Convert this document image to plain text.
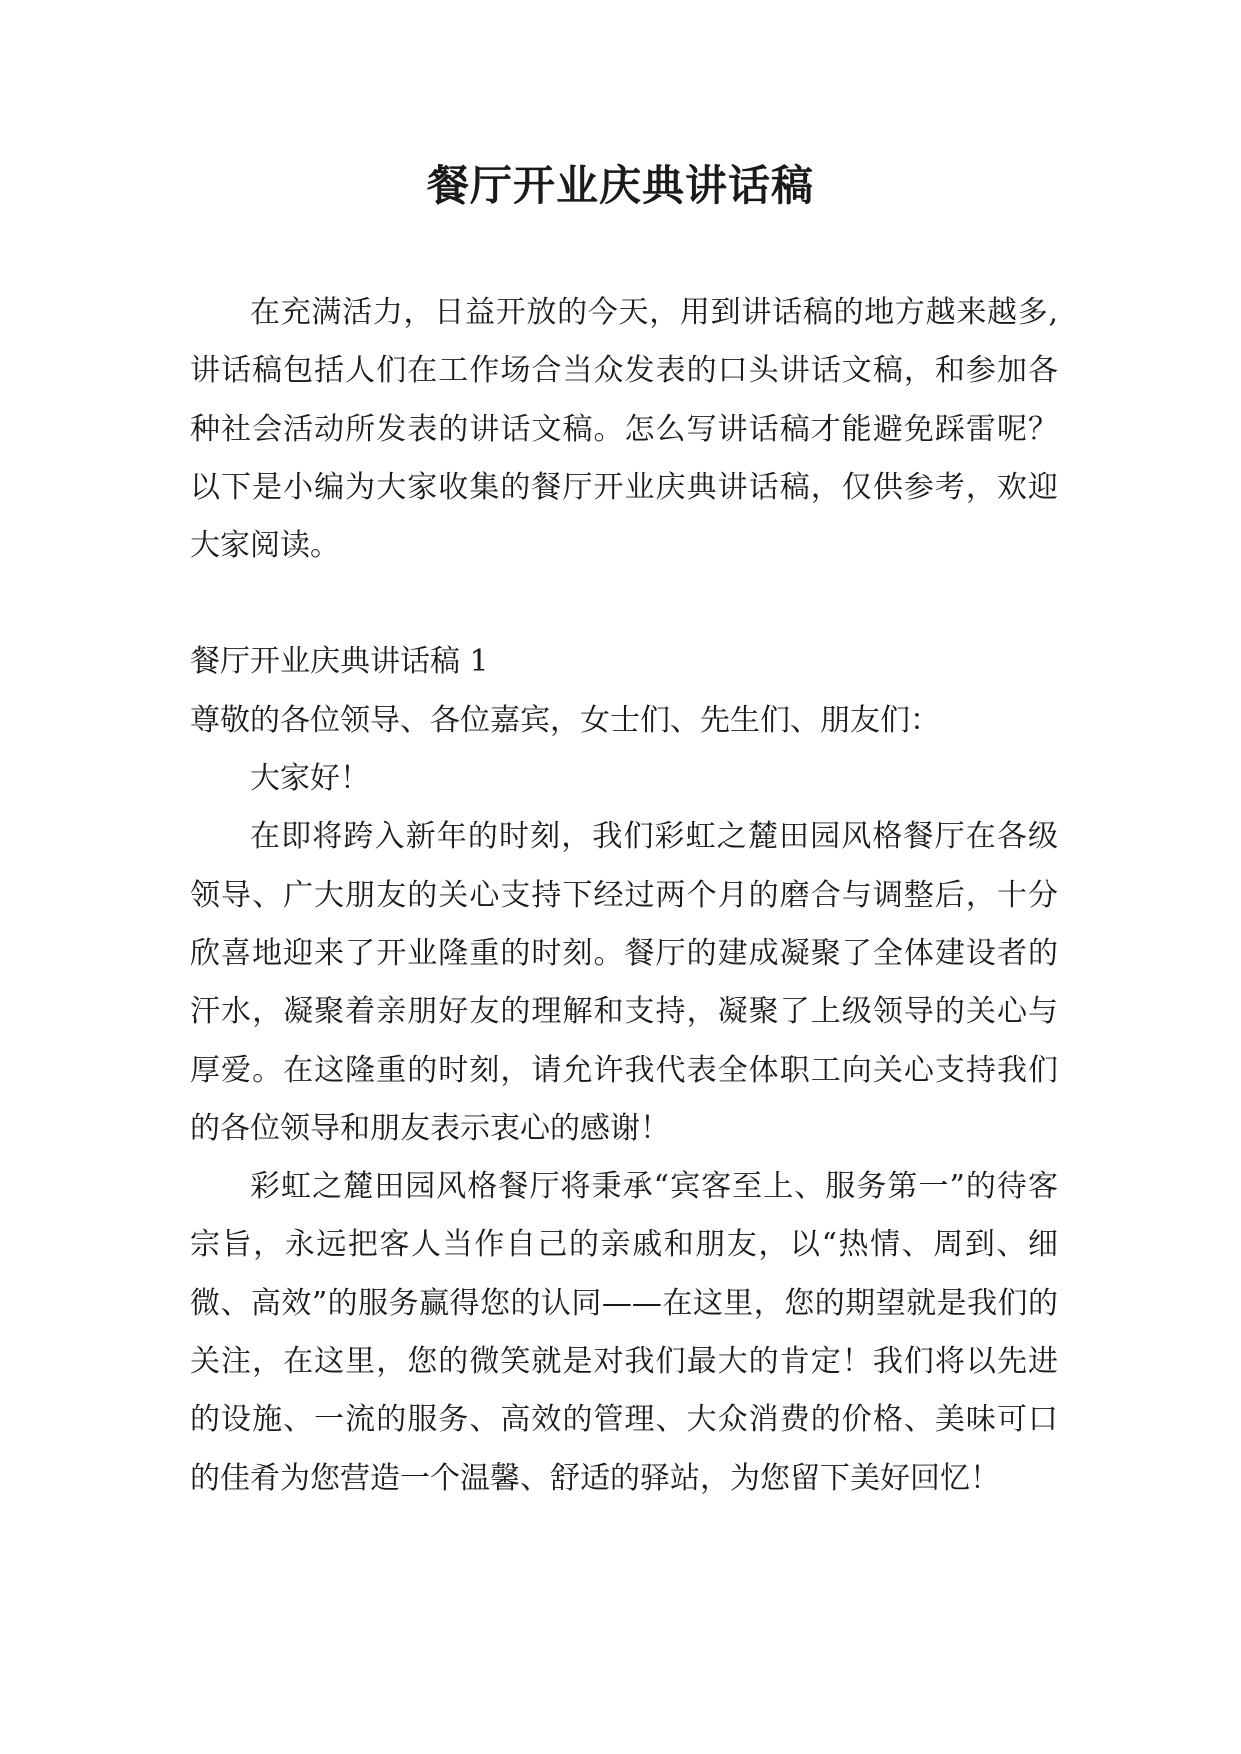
餐厅开业庆典讲话稿

在充满活力，日益开放的今天，用到讲话稿的地方越来越多,讲话稿包括人们在工作场合当众发表的口头讲话文稿，和参加各种社会活动所发表的讲话文稿。怎么写讲话稿才能避免踩雷呢？以下是小编为大家收集的餐厅开业庆典讲话稿，仅供参考，欢迎大家阅读。

餐厅开业庆典讲话稿 1

尊敬的各位领导、各位嘉宾，女士们、先生们、朋友们：

大家好！

在即将跨入新年的时刻，我们彩虹之麓田园风格餐厅在各级领导、广大朋友的关心支持下经过两个月的磨合与调整后，十分欣喜地迎来了开业隆重的时刻。餐厅的建成凝聚了全体建设者的汗水，凝聚着亲朋好友的理解和支持，凝聚了上级领导的关心与厚爱。在这隆重的时刻，请允许我代表全体职工向关心支持我们的各位领导和朋友表示衷心的感谢！

彩虹之麓田园风格餐厅将秉承“宾客至上、服务第一”的待客宗旨，永远把客人当作自己的亲戚和朋友，以“热情、周到、细微、高效”的服务赢得您的认同——在这里，您的期望就是我们的关注，在这里，您的微笑就是对我们最大的肯定！我们将以先进的设施、一流的服务、高效的管理、大众消费的价格、美味可口的佳肴为您营造一个温馨、舒适的驿站，为您留下美好回忆！
